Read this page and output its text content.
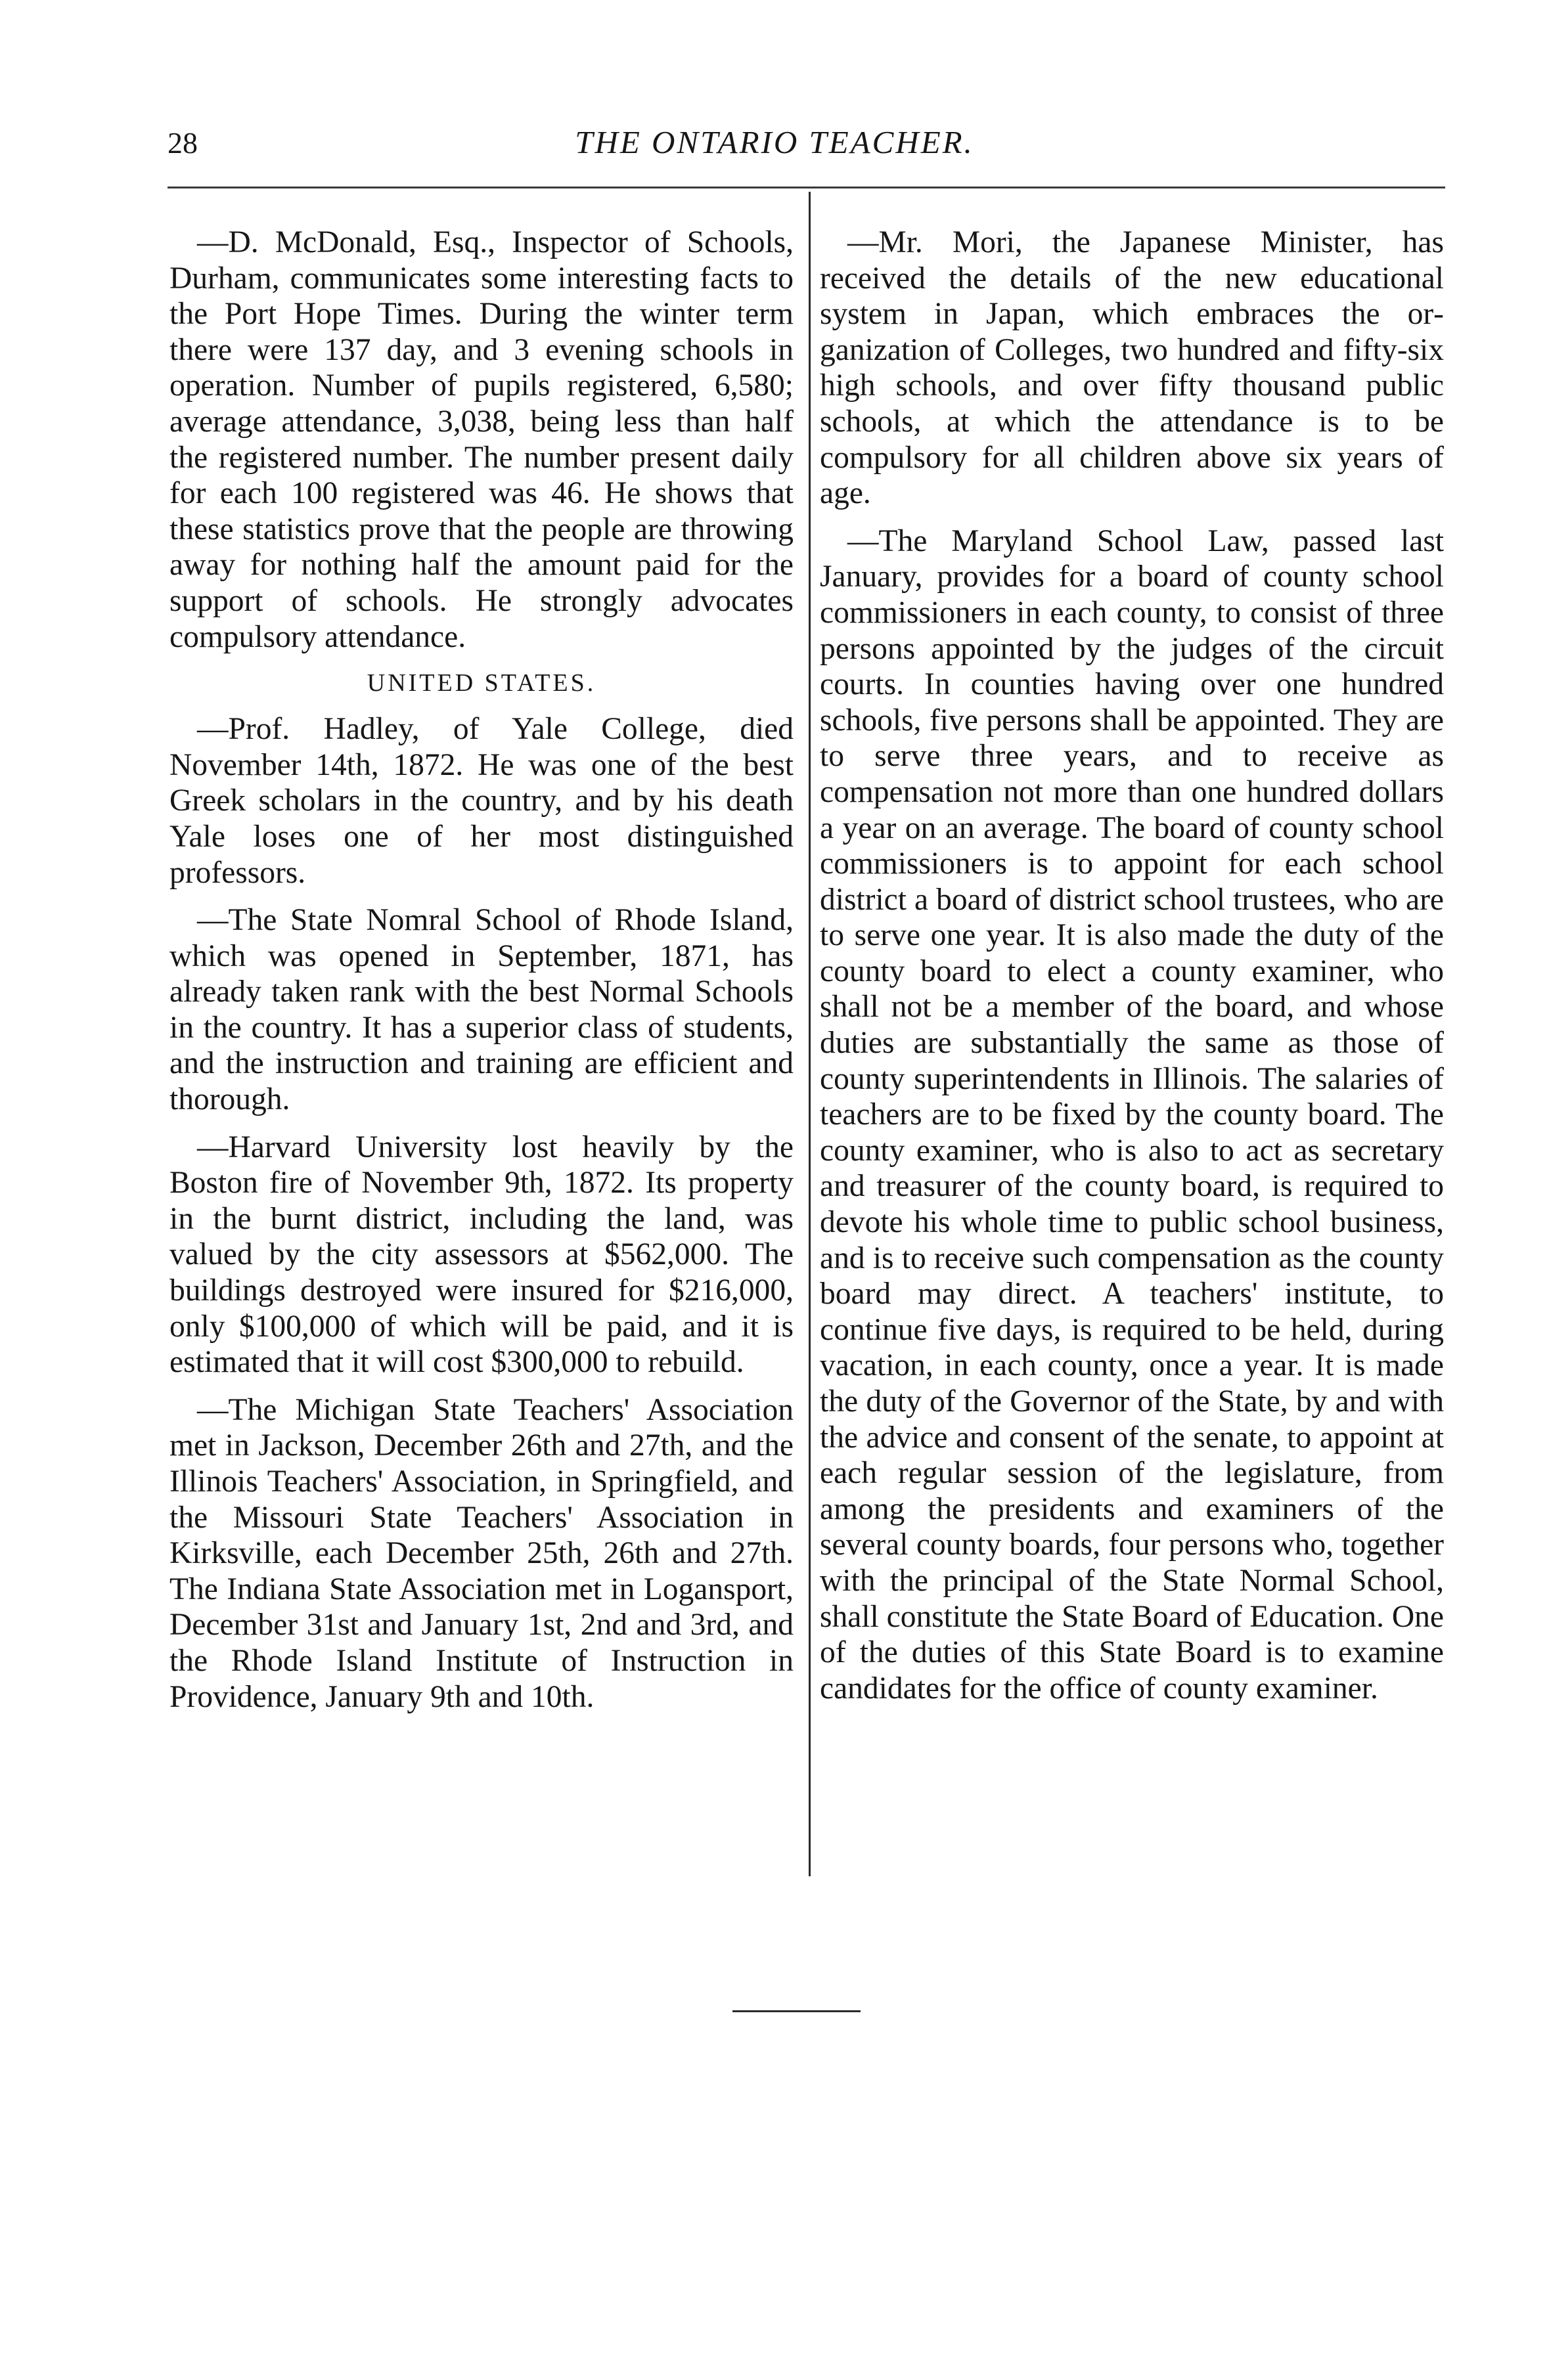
28	THE ONTARIO TEACHER.

—D. McDonald, Esq., Inspector of Schools, Durham, communicates some interesting facts to the Port Hope Times. During the winter term there were 137 day, and 3 evening schools in operation. Number of pupils registered, 6,580; average attendance, 3,038, being less than half the registered number. The number present daily for each 100 registered was 46. He shows that these statistics prove that the people are throwing away for nothing half the amount paid for the support of schools. He strongly advocates compulsory attendance.

UNITED STATES.

—Prof. Hadley, of Yale College, died November 14th, 1872. He was one of the best Greek scholars in the country, and by his death Yale loses one of her most distinguished professors.

—The State Nomral School of Rhode Island, which was opened in September, 1871, has already taken rank with the best Normal Schools in the country. It has a superior class of students, and the instruction and training are efficient and thorough.

—Harvard University lost heavily by the Boston fire of November 9th, 1872. Its property in the burnt district, including the land, was valued by the city assessors at $562,000. The buildings destroyed were insured for $216,000, only $100,000 of which will be paid, and it is estimated that it will cost $300,000 to rebuild.

—The Michigan State Teachers' Association met in Jackson, December 26th and 27th, and the Illinois Teachers' Association, in Springfield, and the Missouri State Teachers' Association in Kirksville, each December 25th, 26th and 27th. The Indiana State Association met in Logansport, December 31st and January 1st, 2nd and 3rd, and the Rhode Island Institute of Instruction in Providence, January 9th and 10th.

—Mr. Mori, the Japanese Minister, has received the details of the new educational system in Japan, which embraces the organization of Colleges, two hundred and fifty-six high schools, and over fifty thousand public schools, at which the attendance is to be compulsory for all children above six years of age.

—The Maryland School Law, passed last January, provides for a board of county school commissioners in each county, to consist of three persons appointed by the judges of the circuit courts. In counties having over one hundred schools, five persons shall be appointed. They are to serve three years, and to receive as compensation not more than one hundred dollars a year on an average. The board of county school commissioners is to appoint for each school district a board of district school trustees, who are to serve one year. It is also made the duty of the county board to elect a county examiner, who shall not be a member of the board, and whose duties are substantially the same as those of county superintendents in Illinois. The salaries of teachers are to be fixed by the county board. The county examiner, who is also to act as secretary and treasurer of the county board, is required to devote his whole time to public school business, and is to receive such compensation as the county board may direct. A teachers' institute, to continue five days, is required to be held, during vacation, in each county, once a year. It is made the duty of the Governor of the State, by and with the advice and consent of the senate, to appoint at each regular session of the legislature, from among the presidents and examiners of the several county boards, four persons who, together with the principal of the State Normal School, shall constitute the State Board of Education. One of the duties of this State Board is to examine candidates for the office of county examiner.
